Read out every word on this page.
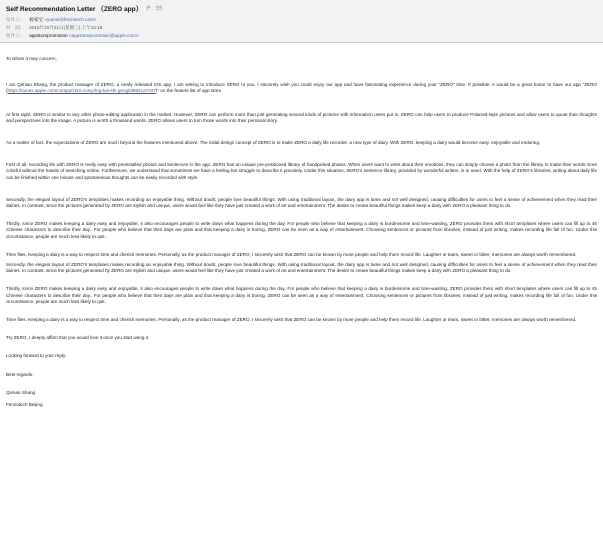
Self Recommendation Letter （ZERO app）
发件人： 杨家宝 <yumei@fenzotech.com>
时　间： 2015年10月21日(星期三) 上午12:19
收件人： appstorepromotion <appstorepromotion@apple.com>

To whom it may concern,

I am Qimiao Shang, the product manager of ZERO, a newly released iOS app. I am writing to introduce ZERO to you. I sincerely wish you could enjoy our app and have fascinating experience during your "ZERO" time. If possible, it would be a great honor to have our app "ZERO (https://itunes.apple.com/cn/app/zero-cong-ling-kai-shi-geng/id982127037)" on the feature list of app store.

At first sight, ZERO is similar to any other photo-editing application in the market. However, ZERO can perform more than just generating several kinds of pictures with information users put in. ZERO can help users to produce Polaroid-style pictures and allow users to quote their thoughts and perspectives into the image. A picture is worth a thousand words. ZERO allows users to turn those words into their personal story.

As a matter of fact, the expectations of ZERO are much beyond the features mentioned above. The initial design concept of ZERO is to make ZERO a daily life recorder, a new type of dairy. With ZERO, keeping a dairy would become easy, enjoyable and enduring.

First of all, recording life with ZERO is really easy with preinstalled photos and sentences in the app. ZERO has an unique pre-positioned library of handpicked photos. When users want to write about their emotions, they can simply choose a photo from the library to make their words more colorful without the hassle of searching online. Furthermore, we understand that sometimes we have a feeling but struggle to describe it precisely. Under this situation, ZERO’s sentence library, provided by wonderful writers, is in need. With the help of ZERO’s libraries, writing about daily life can be finished within one minute and spontaneous thoughts can be easily recorded with style.

Secondly, the elegant layout of ZERO’s templates makes recording an enjoyable thing. Without doubt, people love beautiful things. With using traditional layout, the dairy app is lame and not well designed, causing difficulties for users to feel a sense of achievement when they read their dairies. In contrast, since the pictures generated by ZERO are stylish and unique, users would feel like they have just created a work of art and entertainment. The desire to create beautiful things makes keep a dairy with ZERO a pleasant thing to do.

Thirdly, since ZERO makes keeping a dairy easy and enjoyable, it also encourages people to write down what happens during the day. For people who believe that keeping a dairy is burdensome and time-wasting, ZERO provides them with short templates where users can fill up to 45 Chinese characters to describe their day.. For people who believe that their days are plain and that keeping a dairy is boring, ZERO can be seen as a way of entertainment. Choosing sentences or pictures from libraries, instead of just writing, makes recording life full of fun. Under this circumstance, people are much less likely to quit.

Time flies. Keeping a dairy is a way to respect time and cherish memories. Personally, as the product manager of ZERO, I sincerely wish that ZERO can be known by more people and help them record life. Laughter or tears, sweet or bitter, memories are always worth remembered.

Secondly, the elegant layout of ZERO’s templates makes recording an enjoyable thing. Without doubt, people love beautiful things. With using traditional layout, the dairy app is lame and not well designed, causing difficulties for users to feel a sense of achievement when they read their dairies. In contrast, since the pictures generated by ZERO are stylish and unique, users would feel like they have just created a work of art and entertainment. The desire to create beautiful things makes keep a dairy with ZERO a pleasant thing to do.

Thirdly, since ZERO makes keeping a dairy easy and enjoyable, it also encourages people to write down what happens during the day. For people who believe that keeping a dairy is burdensome and time-wasting, ZERO provides them with short templates where users can fill up to 45 Chinese characters to describe their day.. For people who believe that their days are plain and that keeping a dairy is boring, ZERO can be seen as a way of entertainment. Choosing sentences or pictures from libraries, instead of just writing, makes recording life full of fun. Under this circumstance, people are much less likely to quit.

Time flies. Keeping a dairy is a way to respect time and cherish memories. Personally, as the product manager of ZERO, I sincerely wish that ZERO can be known by more people and help them record life. Laughter or tears, sweet or bitter, memories are always worth remembered.

Try ZERO, I deeply affirm that you would love it once you start using it.

Looking forward to your reply.

Best regards.

Qimiao Shang

Fenzotech Beijing
